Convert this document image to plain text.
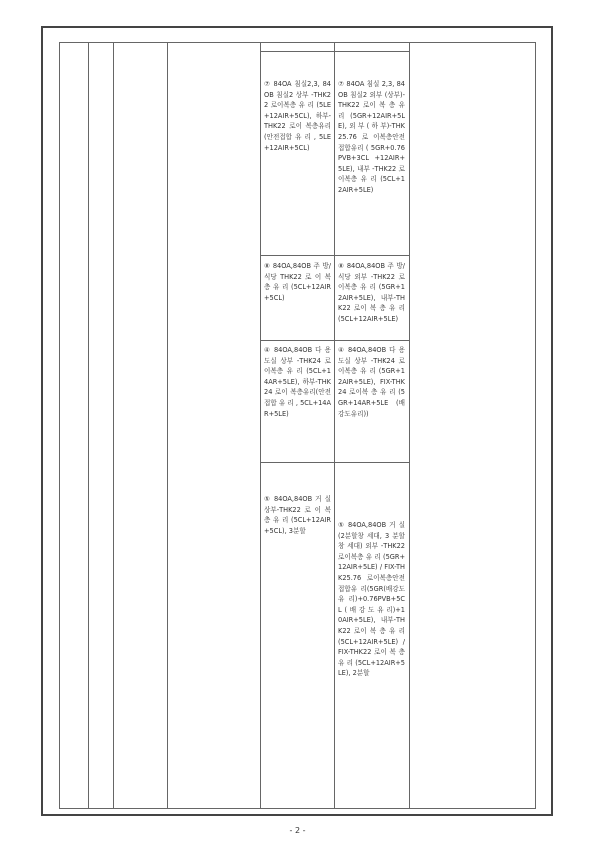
⑦ 84OA 침실2,3, 84OB 침실2 상부 -THK22 로이복층 유 리 (5LE+12AIR+5CL), 하부-THK22 로이 복층유리(안전접합 유 리 , 5LE+12AIR+5CL)
⑦ 84OA 침실 2,3, 84OB 침실2 외부 (상부)-THK22 로이 복 층 유 리 (5GR+12AIR+5LE), 외 부 ( 하 부)-THK25.76 로 이복층안전접합유리 ( 5GR+0.76PVB+3CL +12AIR+5LE), 내부 -THK22 로이복층 유 리 (5CL+12AIR+5LE)
⑧ 84OA,84OB 주 방/식당 THK22 로 이 복 층 유 리 (5CL+12AIR+5CL)
⑧ 84OA,84OB 주 방/식당 외부 -THK22 로이복층 유 리 (5GR+12AIR+5LE), 내부-THK22 로이 복 층 유 리 (5CL+12AIR+5LE)
④ 84OA,84OB 다 용도실 상부 -THK24 로이복층 유 리 (5CL+14AR+5LE), 하부-THK24 로이 복층유리(안전접합 유 리 , 5CL+14AR+5LE)
④ 84OA,84OB 다 용도실 상부 -THK24 로이복층 유 리 (5GR+12AIR+5LE), FIX-THK24 로이복 층 유 리 (5GR+14AR+5LE (배강도유리))
⑤ 84OA,84OB 거 실 상부-THK22 로 이 복 층 유 리 (5CL+12AIR+5CL), 3분할
⑤ 84OA,84OB 거 실(2분할창 세대, 3 분할창 세대) 외부 -THK22 로이복층 유 리 (5GR+12AIR+5LE) / FIX-THK25.76 로이복층안전접합유 리(5GR(배강도유 리)+0.76PVB+5CL ( 배 강 도 유 리)+10AIR+5LE), 내부-THK22 로이 복 층 유 리 (5CL+12AIR+5LE) / FIX-THK22 로이 복 층 유 리 (5CL+12AIR+5LE), 2분할
- 2 -
